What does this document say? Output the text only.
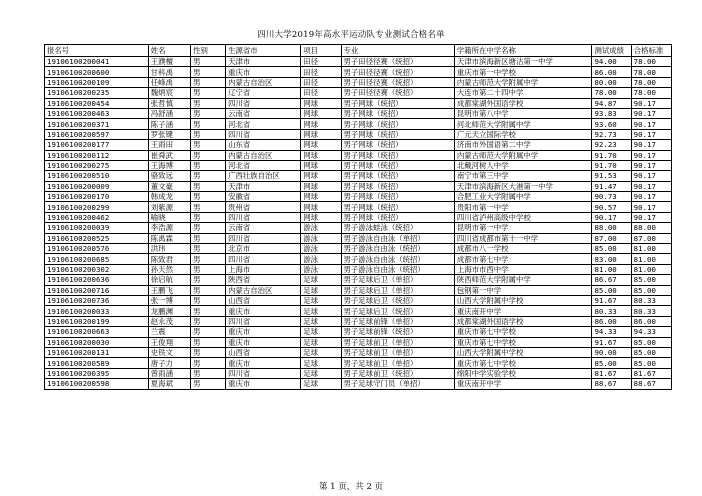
四川大学2019年高水平运动队专业测试合格名单
报名号	姓名	性别	生源省市	项目	专业	学籍所在中学名称	测试成绩	合格标准
19106100200041	王濮檀	男	天津市	田径	男子田径径赛（统招）	天津市滨海新区塘沽第一中学	94.00	78.00
19106100200600	甘科禹	男	重庆市	田径	男子田径径赛（统招）	重庆市第一中学校	86.00	78.00
19106100200109	任峰禹	男	内蒙古自治区	田径	男子田径径赛（统招）	内蒙古师范大学附属中学	80.00	78.00
19106100200235	魏炳宸	男	辽宁省	田径	男子田径径赛（统招）	大连市第二十四中学	78.00	78.00
19106100200454	张哲慎	男	四川省	网球	男子网球（统招）	成都棠湖外国语学校	94.87	90.17
19106100200463	冯舒涵	男	云南省	网球	男子网球（统招）	昆明市第八中学	93.83	90.17
19106100200371	陈子涵	男	河北省	网球	男子网球（统招）	河北师范大学附属中学	93.60	90.17
19106100200597	罗张键	男	四川省	网球	男子网球（统招）	广元天立国际学校	92.73	90.17
19106100200177	王雨田	男	山东省	网球	男子网球（统招）	济南市外国语第二中学	92.23	90.17
19106100200112	崔舜武	男	内蒙古自治区	网球	男子网球（统招）	内蒙古师范大学附属中学	91.70	90.17
19106100200275	王海博	男	河北省	网球	男子网球（统招）	北戴河树人中学	91.70	90.17
19106100200510	骆致远	男	广西壮族自治区	网球	男子网球（统招）	南宁市第三中学	91.53	90.17
19106100200009	董文豪	男	天津市	网球	男子网球（统招）	天津市滨海新区大港第一中学	91.47	90.17
19106100200170	韩成龙	男	安徽省	网球	男子网球（统招）	合肥工业大学附属中学	90.73	90.17
19106100200299	刘紫源	男	贵州省	网球	男子网球（统招）	贵阳市第一中学	90.57	90.17
19106100200462	喻晓	男	四川省	网球	男子网球（统招）	四川省泸州高级中学校	90.17	90.17
19106100200039	李浩源	男	云南省	游泳	男子游泳蛙泳（统招）	昆明市第一中学	88.00	88.00
19106100200525	陈禹霖	男	四川省	游泳	男子游泳自由泳（单招）	四川省成都市第十一中学	87.00	87.00
19106100200576	洪玮	男	北京市	游泳	男子游泳自由泳（统招）	成都市八一学校	85.00	81.00
19106100200685	陈致君	男	四川省	游泳	男子游泳自由泳（统招）	成都市第七中学	83.00	81.00
19106100200302	孙天然	男	上海市	游泳	男子游泳自由泳（统招）	上海市市西中学	81.00	81.00
19106100200636	徐启航	男	陕西省	足球	男子足球后卫（单招）	陕西师范大学附属中学	86.67	85.00
19106100200716	王鹏飞	男	内蒙古自治区	足球	男子足球后卫（单招）	包钢第一中学	85.00	85.00
19106100200736	张一博	男	山西省	足球	男子足球后卫（统招）	山西大学附属中学校	91.67	80.33
19106100200033	龙鹏渊	男	重庆市	足球	男子足球后卫（统招）	重庆南开中学	80.33	80.33
19106100200199	赵永茂	男	四川省	足球	男子足球前锋（单招）	成都棠湖外国语学校	86.00	86.00
19106100200663	兰震	男	重庆市	足球	男子足球前锋（统招）	重庆市第七中学校	94.33	94.33
19106100200030	王俊翔	男	重庆市	足球	男子足球前卫（单招）	重庆市第七中学校	91.67	85.00
19106100200131	史铁文	男	山西省	足球	男子足球前卫（单招）	山西大学附属中学校	90.00	85.00
19106100200589	唐子力	男	重庆市	足球	男子足球前卫（单招）	重庆市第七中学校	85.00	85.00
19106100200395	曾雨涵	男	四川省	足球	男子足球前卫（统招）	绵阳中学实验学校	81.67	81.67
19106100200598	夏海斌	男	重庆市	足球	男子足球守门员（单招）	重庆南开中学	88.67	88.67
第 1 页，共 2 页
